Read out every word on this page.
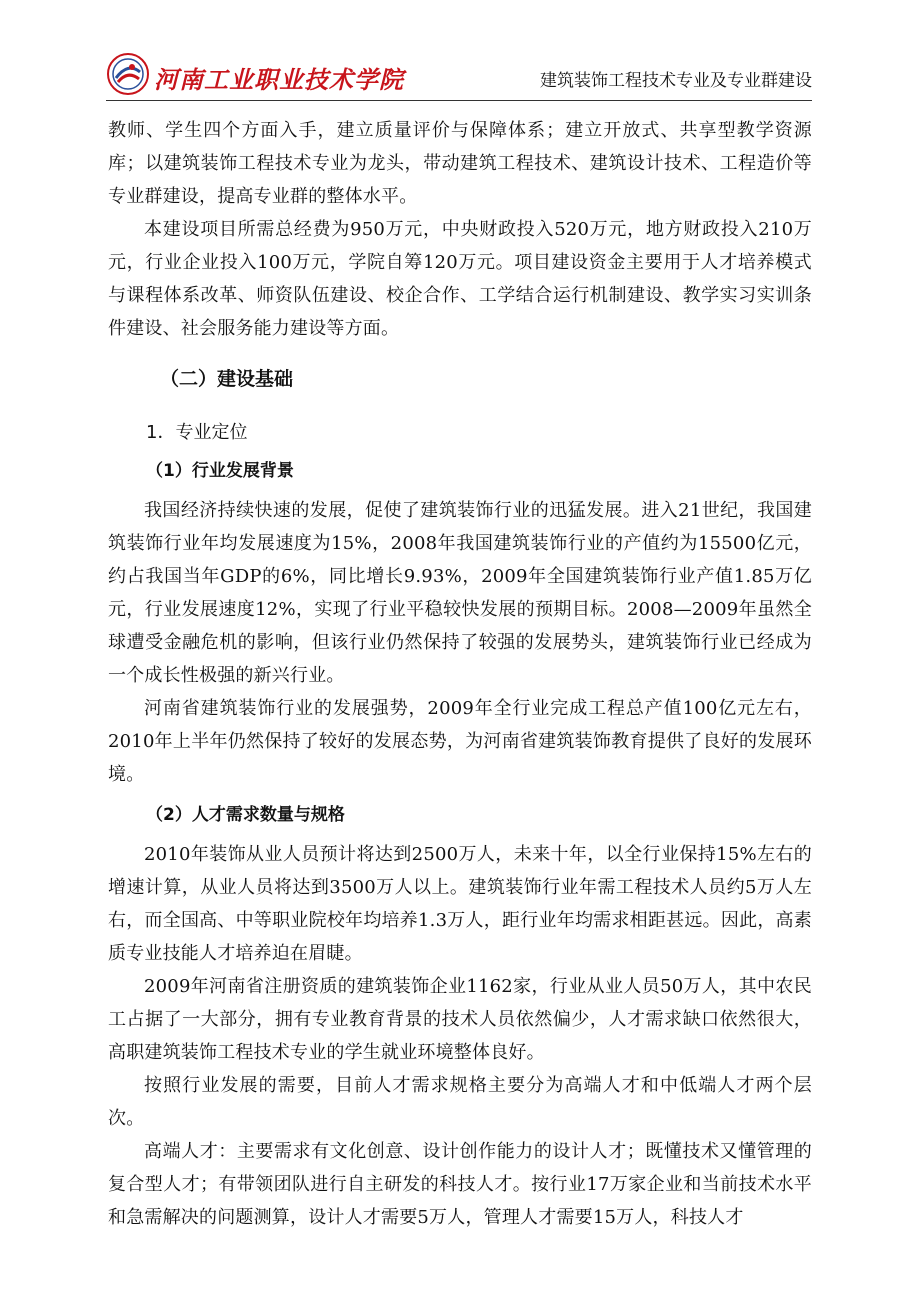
河南工业职业技术学院	建筑装饰工程技术专业及专业群建设

教师、学生四个方面入手，建立质量评价与保障体系；建立开放式、共享型教学资源库；以建筑装饰工程技术专业为龙头，带动建筑工程技术、建筑设计技术、工程造价等专业群建设，提高专业群的整体水平。

本建设项目所需总经费为950万元，中央财政投入520万元，地方财政投入210万元，行业企业投入100万元，学院自筹120万元。项目建设资金主要用于人才培养模式与课程体系改革、师资队伍建设、校企合作、工学结合运行机制建设、教学实习实训条件建设、社会服务能力建设等方面。

（二）建设基础

1．专业定位

（1）行业发展背景

我国经济持续快速的发展，促使了建筑装饰行业的迅猛发展。进入21世纪，我国建筑装饰行业年均发展速度为15%，2008年我国建筑装饰行业的产值约为15500亿元，约占我国当年GDP的6%，同比增长9.93%，2009年全国建筑装饰行业产值1.85万亿元，行业发展速度12%，实现了行业平稳较快发展的预期目标。2008—2009年虽然全球遭受金融危机的影响，但该行业仍然保持了较强的发展势头，建筑装饰行业已经成为一个成长性极强的新兴行业。

河南省建筑装饰行业的发展强势，2009年全行业完成工程总产值100亿元左右，2010年上半年仍然保持了较好的发展态势，为河南省建筑装饰教育提供了良好的发展环境。

（2）人才需求数量与规格

2010年装饰从业人员预计将达到2500万人，未来十年，以全行业保持15%左右的增速计算，从业人员将达到3500万人以上。建筑装饰行业年需工程技术人员约5万人左右，而全国高、中等职业院校年均培养1.3万人，距行业年均需求相距甚远。因此，高素质专业技能人才培养迫在眉睫。

2009年河南省注册资质的建筑装饰企业1162家，行业从业人员50万人，其中农民工占据了一大部分，拥有专业教育背景的技术人员依然偏少，人才需求缺口依然很大，高职建筑装饰工程技术专业的学生就业环境整体良好。

按照行业发展的需要，目前人才需求规格主要分为高端人才和中低端人才两个层次。

高端人才：主要需求有文化创意、设计创作能力的设计人才；既懂技术又懂管理的复合型人才；有带领团队进行自主研发的科技人才。按行业17万家企业和当前技术水平和急需解决的问题测算，设计人才需要5万人，管理人才需要15万人，科技人才
